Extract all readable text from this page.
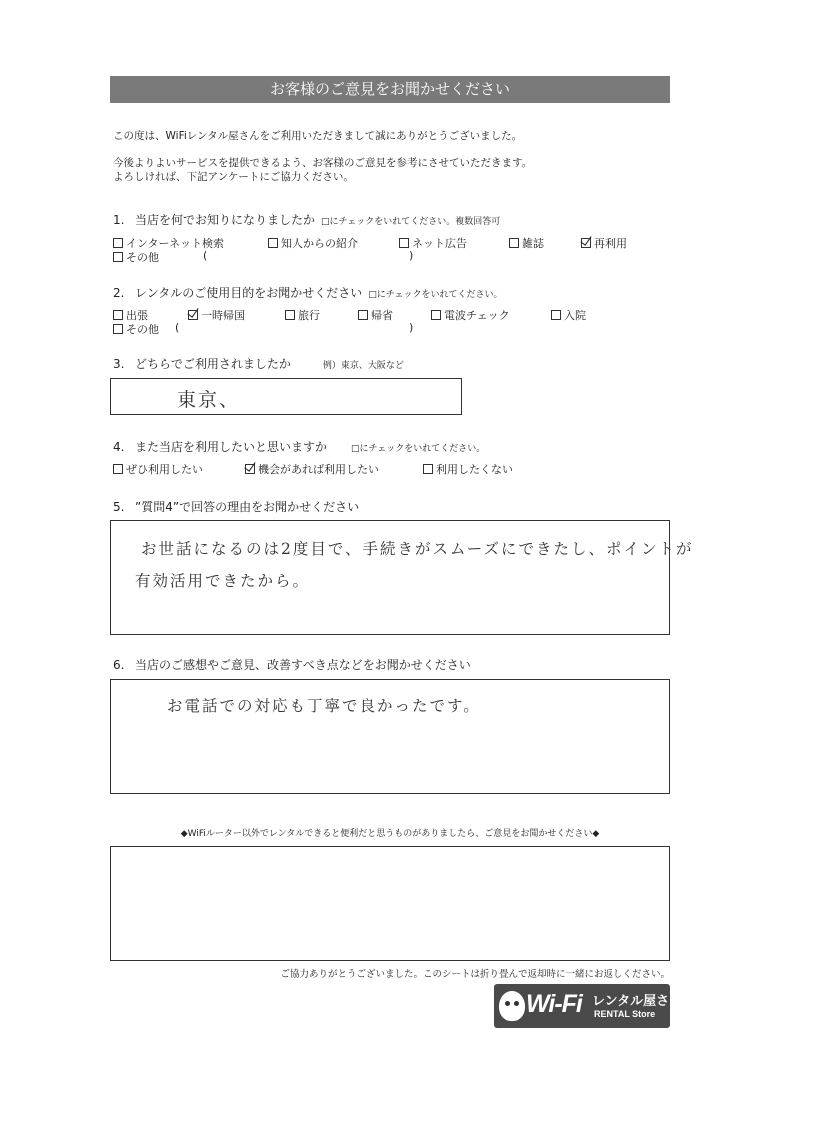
お客様のご意見をお聞かせください
この度は、WiFiレンタル屋さんをご利用いただきまして誠にありがとうございました。
今後よりよいサービスを提供できるよう、お客様のご意見を参考にさせていただきます。
よろしければ、下記アンケートにご協力ください。
1. 当店を何でお知りになりましたか □にチェックをいれてください。複数回答可
インターネット検索	知人からの紹介	ネット広告	雑誌	再利用
その他	(	)
2. レンタルのご使用目的をお聞かせください □にチェックをいれてください。
出張	一時帰国	旅行	帰省	電波チェック	入院
その他 (	)
3. どちらでご利用されましたか	例）東京、大阪など
東京、
4. また当店を利用したいと思いますか	□にチェックをいれてください。
ぜひ利用したい	機会があれば利用したい	利用したくない
5. ”質問4”で回答の理由をお聞かせください
お世話になるのは2度目で、手続きがスムーズにできたし、ポイントが
有効活用できたから。
6. 当店のご感想やご意見、改善すべき点などをお聞かせください
お電話での対応も丁寧で良かったです。
◆WiFiルーター以外でレンタルできると便利だと思うものがありましたら、ご意見をお聞かせください◆
ご協力ありがとうございました。このシートは折り畳んで返却時に一緒にお返しください。
Wi-Fi レンタル屋さん
RENTAL Store
